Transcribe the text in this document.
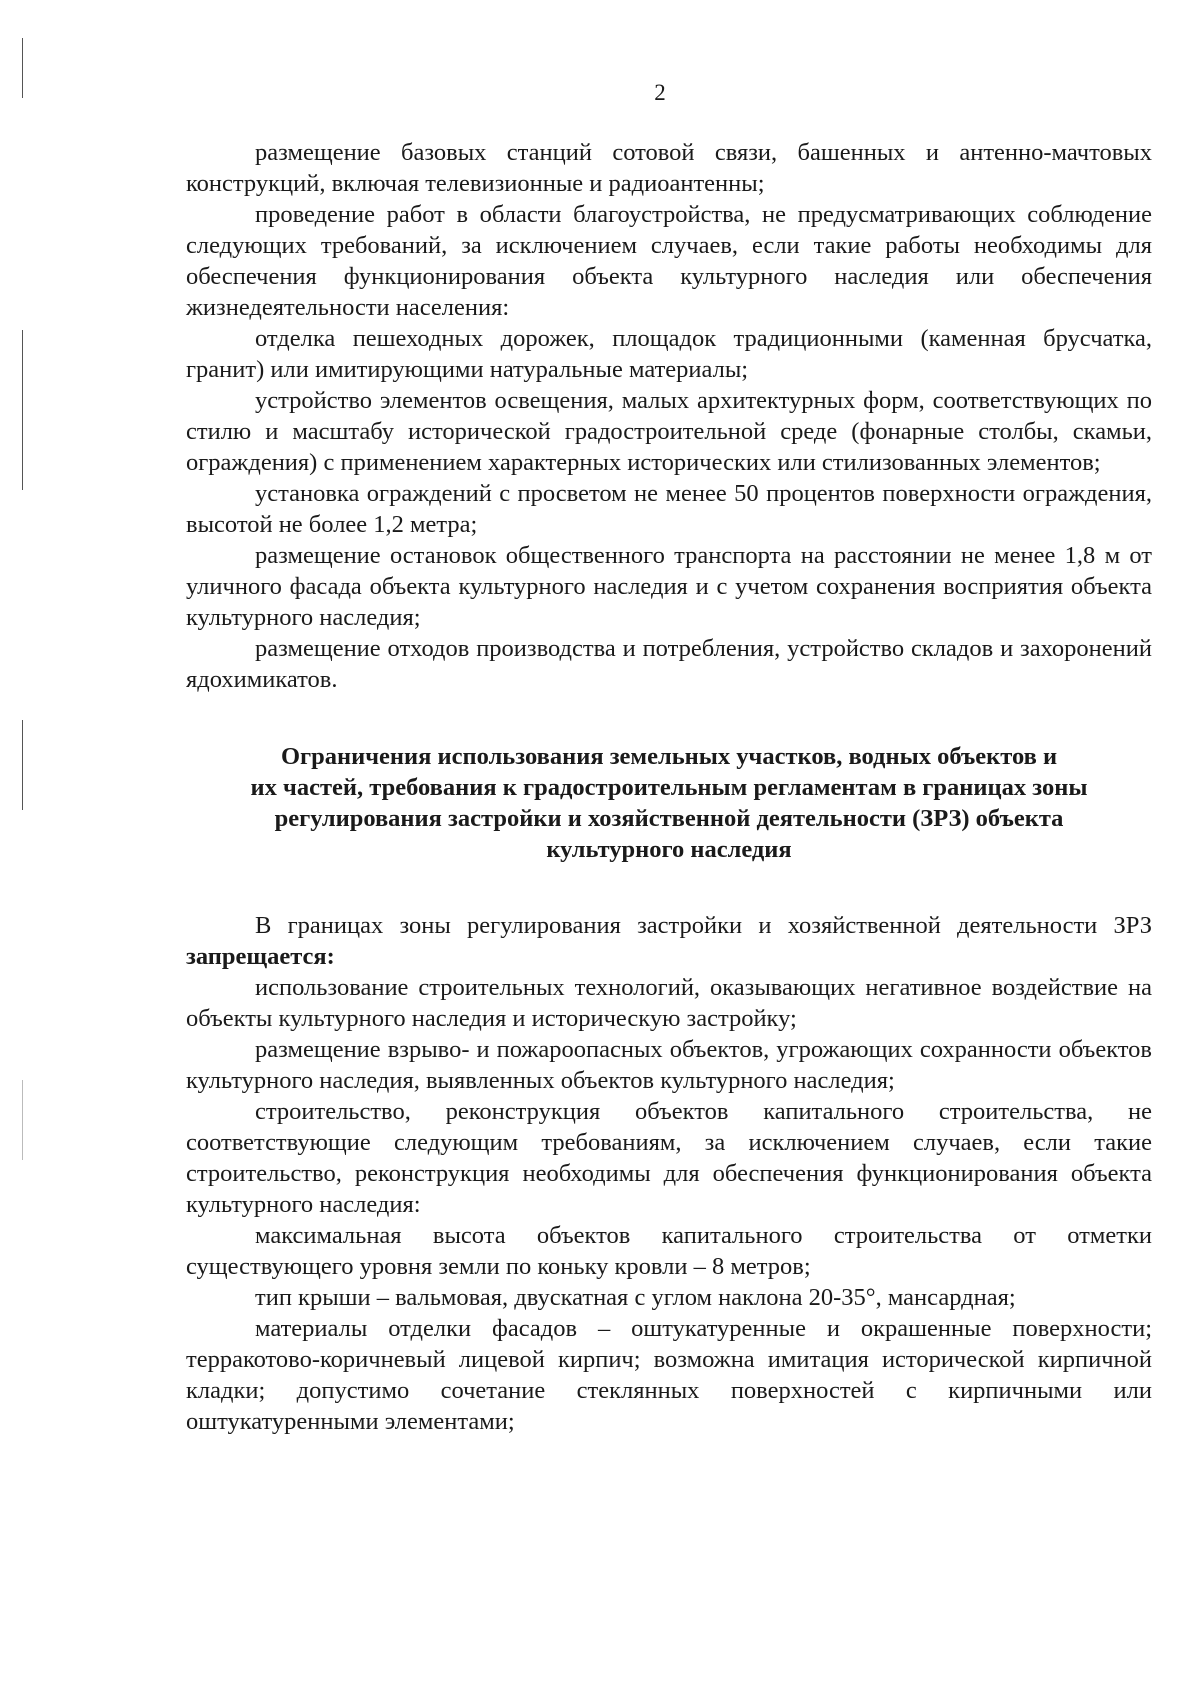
2

размещение базовых станций сотовой связи, башенных и антенно-мачтовых конструкций, включая телевизионные и радиоантенны;

проведение работ в области благоустройства, не предусматривающих соблюдение следующих требований, за исключением случаев, если такие работы необходимы для обеспечения функционирования объекта культурного наследия или обеспечения жизнедеятельности населения:

отделка пешеходных дорожек, площадок традиционными (каменная брусчатка, гранит) или имитирующими натуральные материалы;

устройство элементов освещения, малых архитектурных форм, соответствующих по стилю и масштабу исторической градостроительной среде (фонарные столбы, скамьи, ограждения) с применением характерных исторических или стилизованных элементов;

установка ограждений с просветом не менее 50 процентов поверхности ограждения, высотой не более 1,2 метра;

размещение остановок общественного транспорта на расстоянии не менее 1,8 м от уличного фасада объекта культурного наследия и с учетом сохранения восприятия объекта культурного наследия;

размещение отходов производства и потребления, устройство складов и захоронений ядохимикатов.

Ограничения использования земельных участков, водных объектов и
их частей, требования к градостроительным регламентам в границах зоны
регулирования застройки и хозяйственной деятельности (ЗРЗ) объекта
культурного наследия

В границах зоны регулирования застройки и хозяйственной деятельности ЗРЗ запрещается:

использование строительных технологий, оказывающих негативное воздействие на объекты культурного наследия и историческую застройку;

размещение взрыво- и пожароопасных объектов, угрожающих сохранности объектов культурного наследия, выявленных объектов культурного наследия;

строительство, реконструкция объектов капитального строительства, не соответствующие следующим требованиям, за исключением случаев, если такие строительство, реконструкция необходимы для обеспечения функционирования объекта культурного наследия:

максимальная высота объектов капитального строительства от отметки существующего уровня земли по коньку кровли – 8 метров;

тип крыши – вальмовая, двускатная с углом наклона 20-35°, мансардная;

материалы отделки фасадов – оштукатуренные и окрашенные поверхности; терракотово-коричневый лицевой кирпич; возможна имитация исторической кирпичной кладки; допустимо сочетание стеклянных поверхностей с кирпичными или оштукатуренными элементами;
